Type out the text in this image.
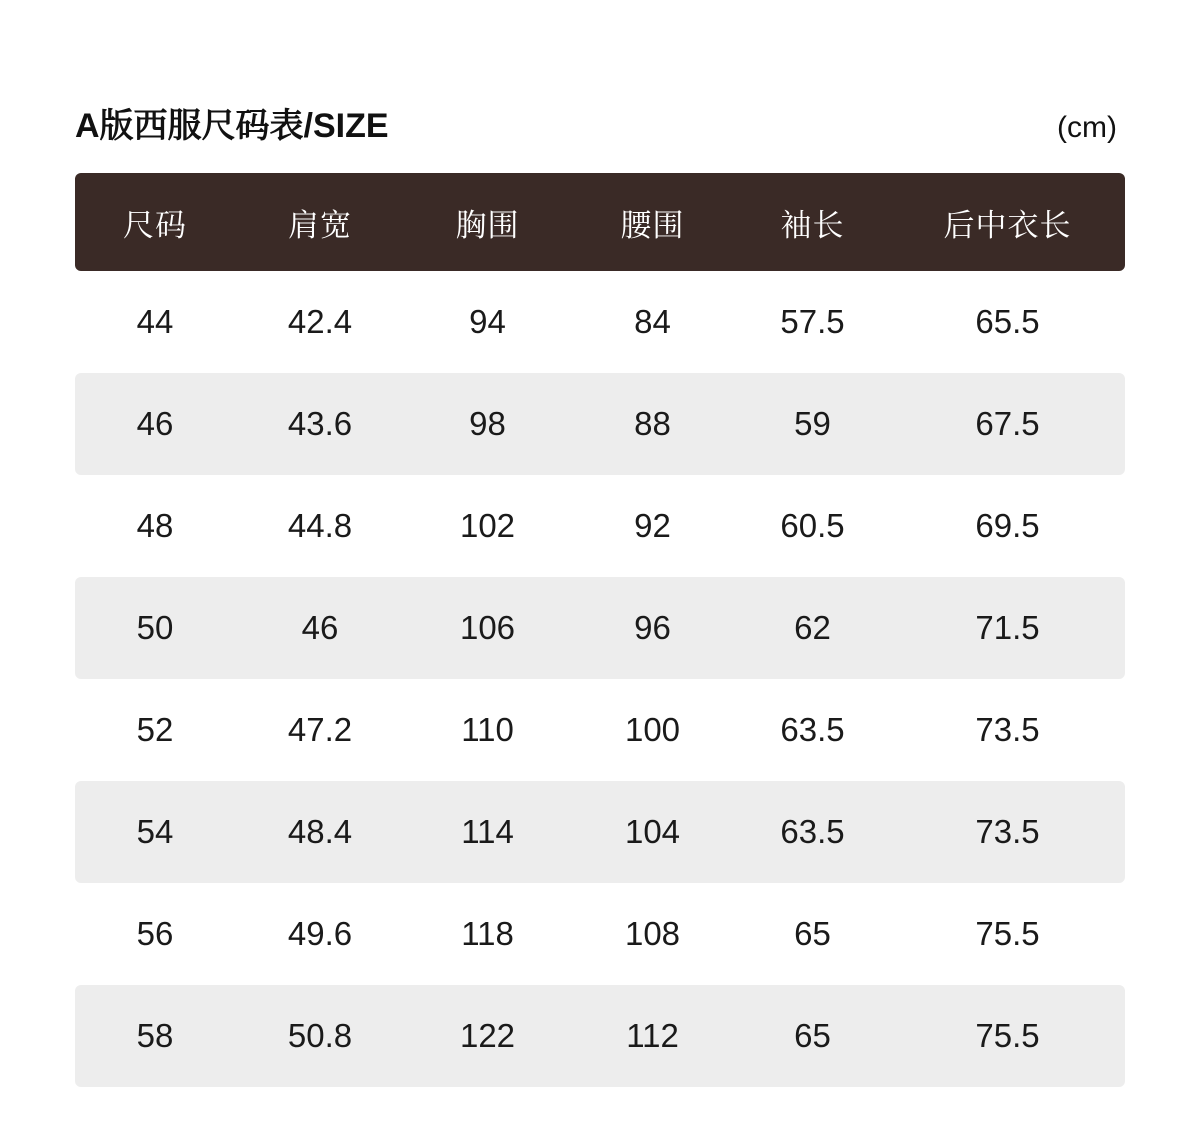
A版西服尺码表/SIZE	(cm)
尺码	肩宽	胸围	腰围	袖长	后中衣长
44	42.4	94	84	57.5	65.5
46	43.6	98	88	59	67.5
48	44.8	102	92	60.5	69.5
50	46	106	96	62	71.5
52	47.2	110	100	63.5	73.5
54	48.4	114	104	63.5	73.5
56	49.6	118	108	65	75.5
58	50.8	122	112	65	75.5
